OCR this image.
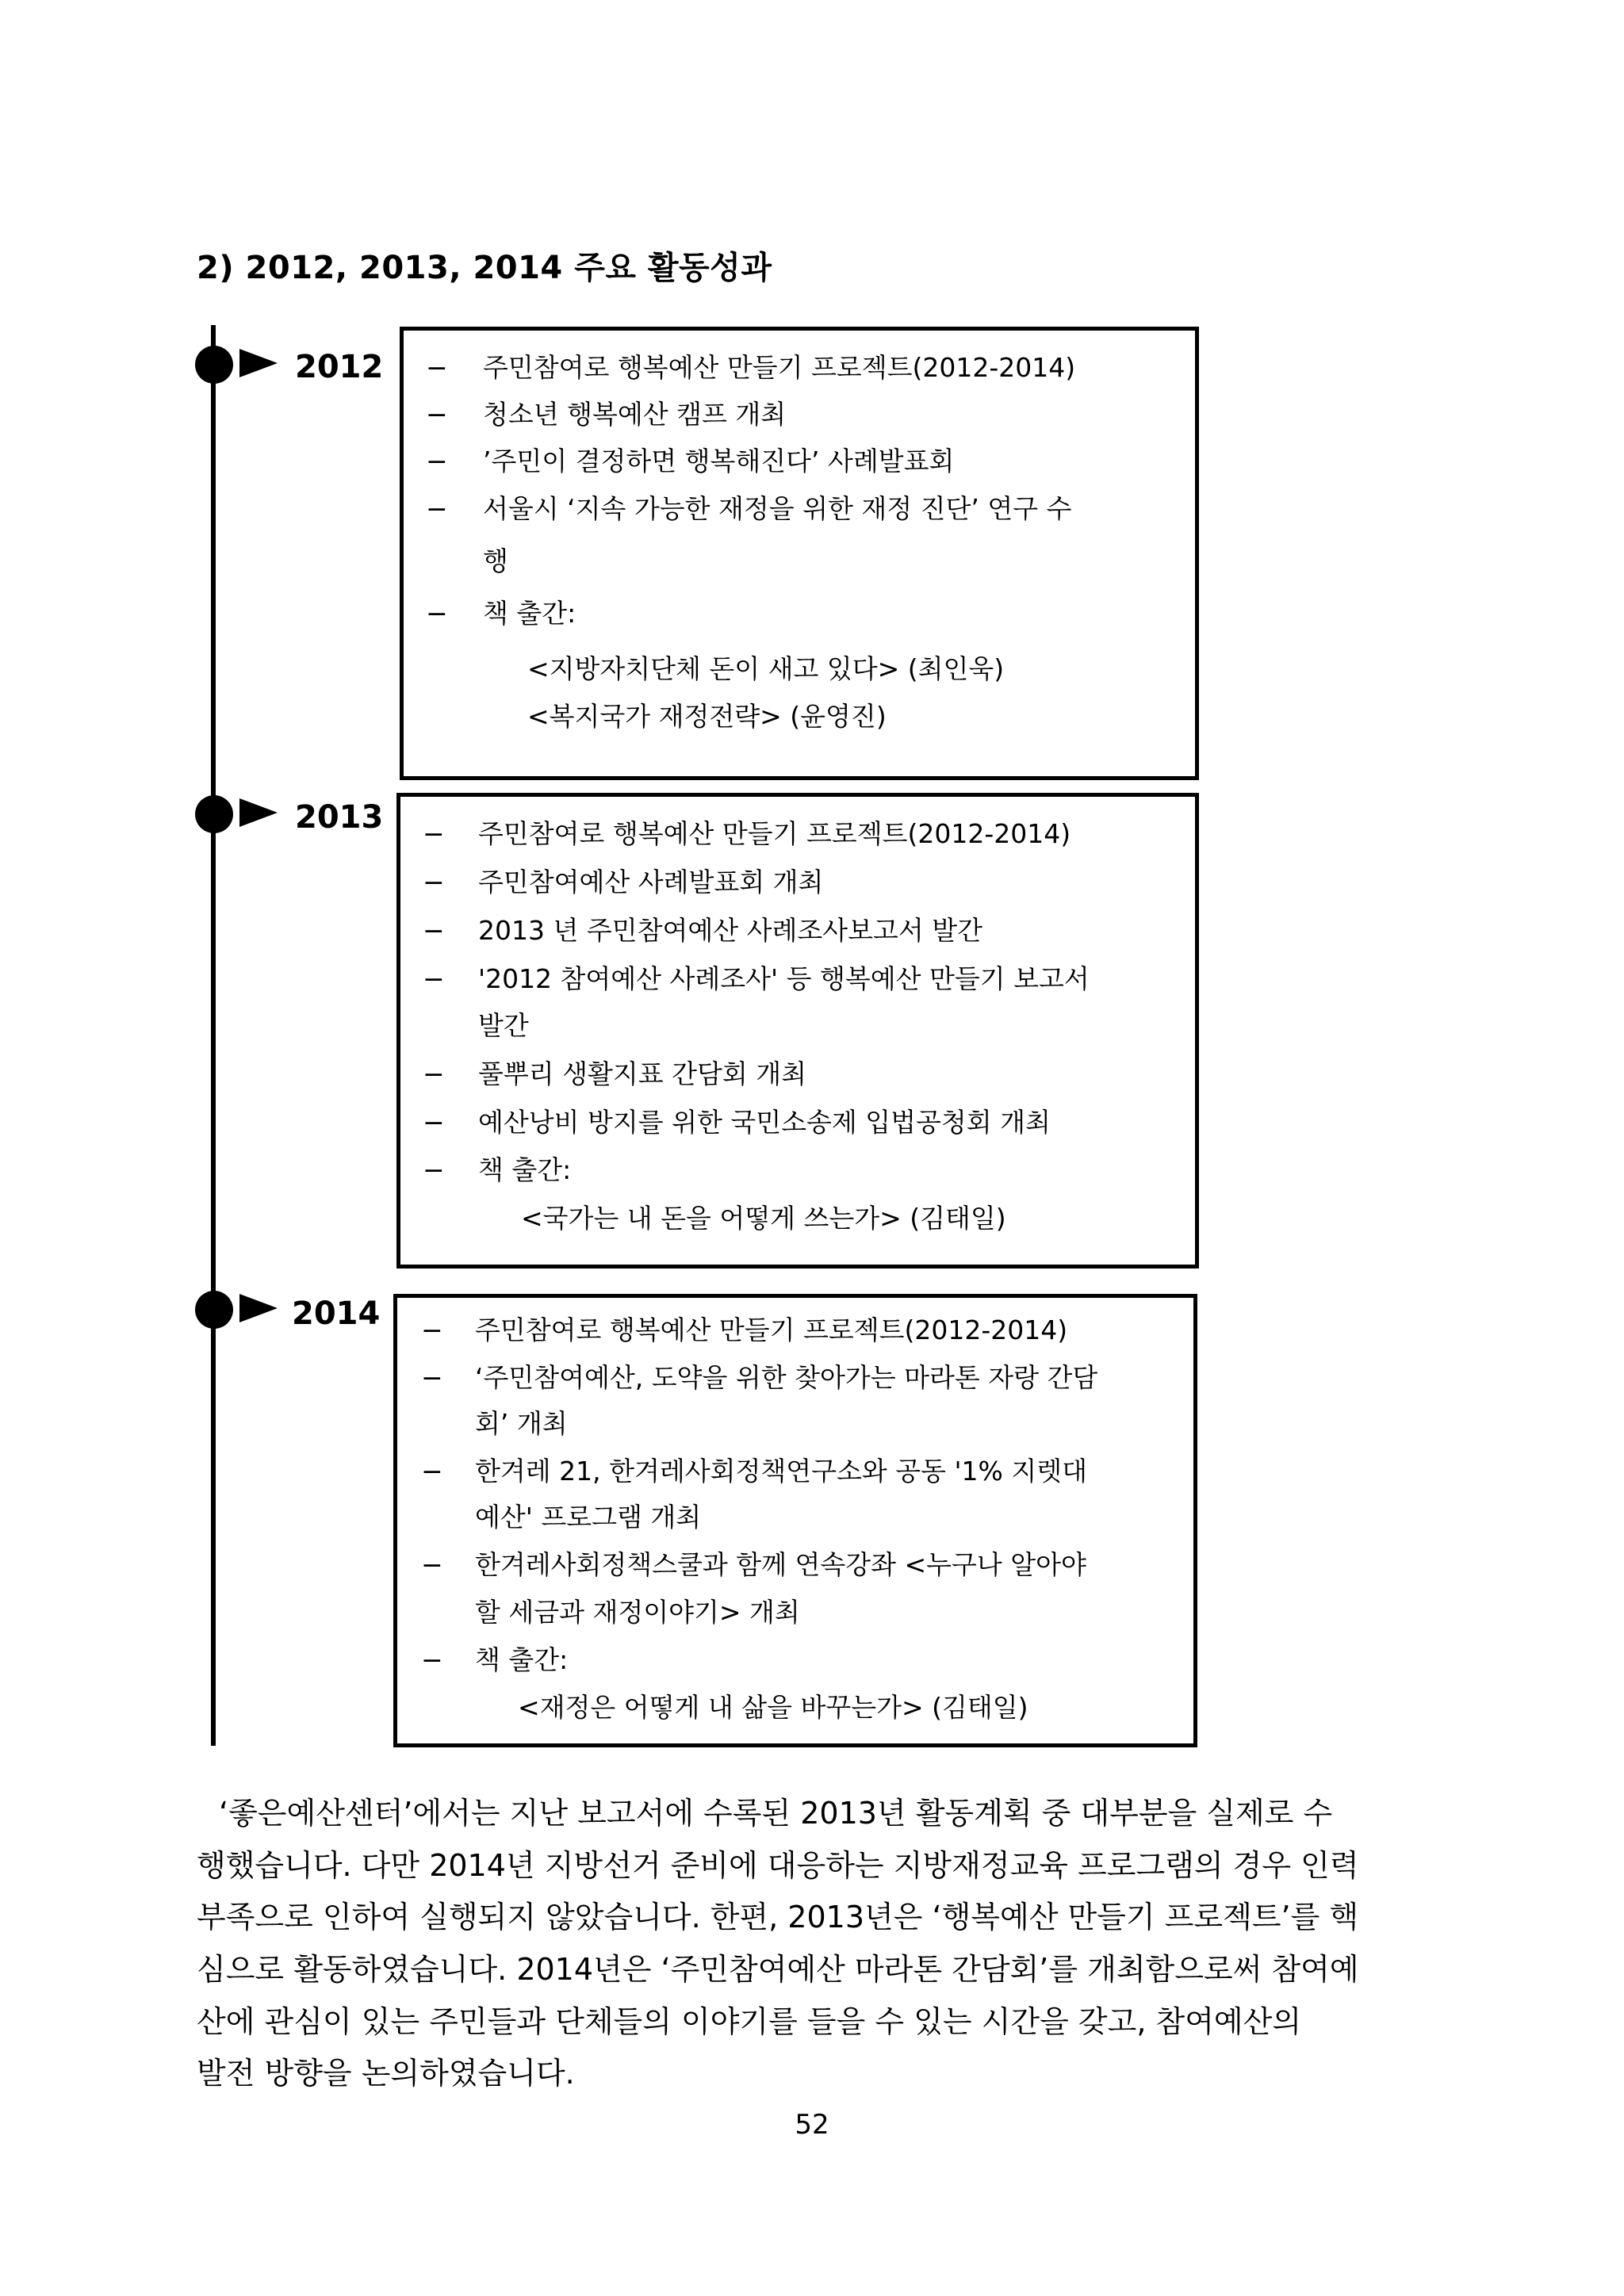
2) 2012, 2013, 2014 주요 활동성과
2012 − 주민참여로 행복예산 만들기 프로젝트(2012-2014)
− 청소년 행복예산 캠프 개최
− ’주민이 결정하면 행복해진다’ 사례발표회
− 서울시 ‘지속 가능한 재정을 위한 재정 진단’ 연구 수
행
− 책 출간:
<지방자치단체 돈이 새고 있다> (최인욱)
<복지국가 재정전략> (윤영진)
2013 − 주민참여로 행복예산 만들기 프로젝트(2012-2014)
− 주민참여예산 사례발표회 개최
− 2013 년 주민참여예산 사례조사보고서 발간
− '2012 참여예산 사례조사' 등 행복예산 만들기 보고서
발간
− 풀뿌리 생활지표 간담회 개최
− 예산낭비 방지를 위한 국민소송제 입법공청회 개최
− 책 출간:
<국가는 내 돈을 어떻게 쓰는가> (김태일)
2014 − 주민참여로 행복예산 만들기 프로젝트(2012-2014)
− ‘주민참여예산, 도약을 위한 찾아가는 마라톤 자랑 간담
회’ 개최
− 한겨레 21, 한겨레사회정책연구소와 공동 '1% 지렛대
예산' 프로그램 개최
− 한겨레사회정책스쿨과 함께 연속강좌 <누구나 알아야
할 세금과 재정이야기> 개최
− 책 출간:
<재정은 어떻게 내 삶을 바꾸는가> (김태일)
‘좋은예산센터’에서는 지난 보고서에 수록된 2013년 활동계획 중 대부분을 실제로 수
행했습니다. 다만 2014년 지방선거 준비에 대응하는 지방재정교육 프로그램의 경우 인력
부족으로 인하여 실행되지 않았습니다. 한편, 2013년은 ‘행복예산 만들기 프로젝트’를 핵
심으로 활동하였습니다. 2014년은 ‘주민참여예산 마라톤 간담회’를 개최함으로써 참여예
산에 관심이 있는 주민들과 단체들의 이야기를 들을 수 있는 시간을 갖고, 참여예산의
발전 방향을 논의하였습니다.
52
